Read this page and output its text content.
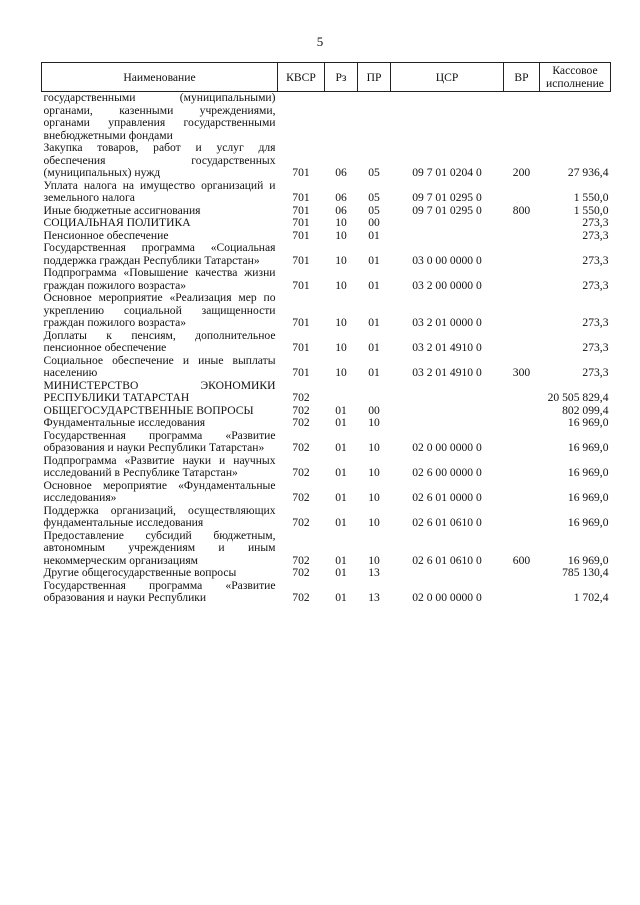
5
Наименование	КВСР	Рз	ПР	ЦСР	ВР	Кассовое исполнение
государственными (муниципальными) органами, казенными учреждениями, органами управления государственными внебюджетными фондами						
Закупка товаров, работ и услуг для обеспечения государственных (муниципальных) нужд	701	06	05	09 7 01 0204 0	200	27 936,4
Уплата налога на имущество организаций и земельного налога	701	06	05	09 7 01 0295 0		1 550,0
Иные бюджетные ассигнования	701	06	05	09 7 01 0295 0	800	1 550,0
СОЦИАЛЬНАЯ ПОЛИТИКА	701	10	00			273,3
Пенсионное обеспечение	701	10	01			273,3
Государственная программа «Социальная поддержка граждан Республики Татарстан»	701	10	01	03 0 00 0000 0		273,3
Подпрограмма «Повышение качества жизни граждан пожилого возраста»	701	10	01	03 2 00 0000 0		273,3
Основное мероприятие «Реализация мер по укреплению социальной защищенности граждан пожилого возраста»	701	10	01	03 2 01 0000 0		273,3
Доплаты к пенсиям, дополнительное пенсионное обеспечение	701	10	01	03 2 01 4910 0		273,3
Социальное обеспечение и иные выплаты населению	701	10	01	03 2 01 4910 0	300	273,3
МИНИСТЕРСТВО ЭКОНОМИКИ РЕСПУБЛИКИ ТАТАРСТАН	702					20 505 829,4
ОБЩЕГОСУДАРСТВЕННЫЕ ВОПРОСЫ	702	01	00			802 099,4
Фундаментальные исследования	702	01	10			16 969,0
Государственная программа «Развитие образования и науки Республики Татарстан»	702	01	10	02 0 00 0000 0		16 969,0
Подпрограмма «Развитие науки и научных исследований в Республике Татарстан»	702	01	10	02 6 00 0000 0		16 969,0
Основное мероприятие «Фундаментальные исследования»	702	01	10	02 6 01 0000 0		16 969,0
Поддержка организаций, осуществляющих фундаментальные исследования	702	01	10	02 6 01 0610 0		16 969,0
Предоставление субсидий бюджетным, автономным учреждениям и иным некоммерческим организациям	702	01	10	02 6 01 0610 0	600	16 969,0
Другие общегосударственные вопросы	702	01	13			785 130,4
Государственная программа «Развитие образования и науки Республики	702	01	13	02 0 00 0000 0		1 702,4
